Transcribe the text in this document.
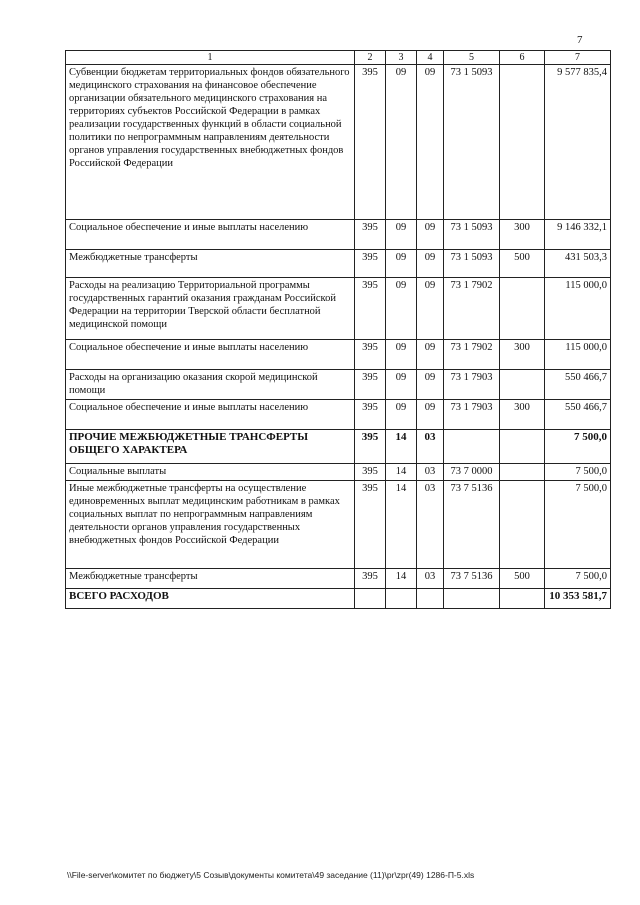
7
1	2	3	4	5	6	7
Субвенции бюджетам территориальных фондов обязательного медицинского страхования на финансовое обеспечение организации обязательного медицинского страхования на территориях субъектов Российской Федерации в рамках реализации государственных функций в области социальной политики по непрограммным направлениям деятельности органов управления государственных внебюджетных фондов Российской Федерации	395	09	09	73 1 5093		9 577 835,4
Социальное обеспечение и иные выплаты населению	395	09	09	73 1 5093	300	9 146 332,1
Межбюджетные трансферты	395	09	09	73 1 5093	500	431 503,3
Расходы на реализацию Территориальной программы государственных гарантий оказания гражданам Российской Федерации на территории Тверской области бесплатной медицинской помощи	395	09	09	73 1 7902		115 000,0
Социальное обеспечение и иные выплаты населению	395	09	09	73 1 7902	300	115 000,0
Расходы на организацию оказания скорой медицинской помощи	395	09	09	73 1 7903		550 466,7
Социальное обеспечение и иные выплаты населению	395	09	09	73 1 7903	300	550 466,7
ПРОЧИЕ МЕЖБЮДЖЕТНЫЕ ТРАНСФЕРТЫ ОБЩЕГО ХАРАКТЕРА	395	14	03			7 500,0
Социальные выплаты	395	14	03	73 7 0000		7 500,0
Иные межбюджетные трансферты на осуществление единовременных выплат медицинским работникам в рамках социальных выплат по непрограммным направлениям деятельности органов управления государственных внебюджетных фондов Российской Федерации	395	14	03	73 7 5136		7 500,0
Межбюджетные трансферты	395	14	03	73 7 5136	500	7 500,0
ВСЕГО РАСХОДОВ						10 353 581,7
\\File-server\комитет по бюджету\5 Созыв\документы комитета\49 заседание (11)\pr\zpr(49) 1286-П-5.xls
